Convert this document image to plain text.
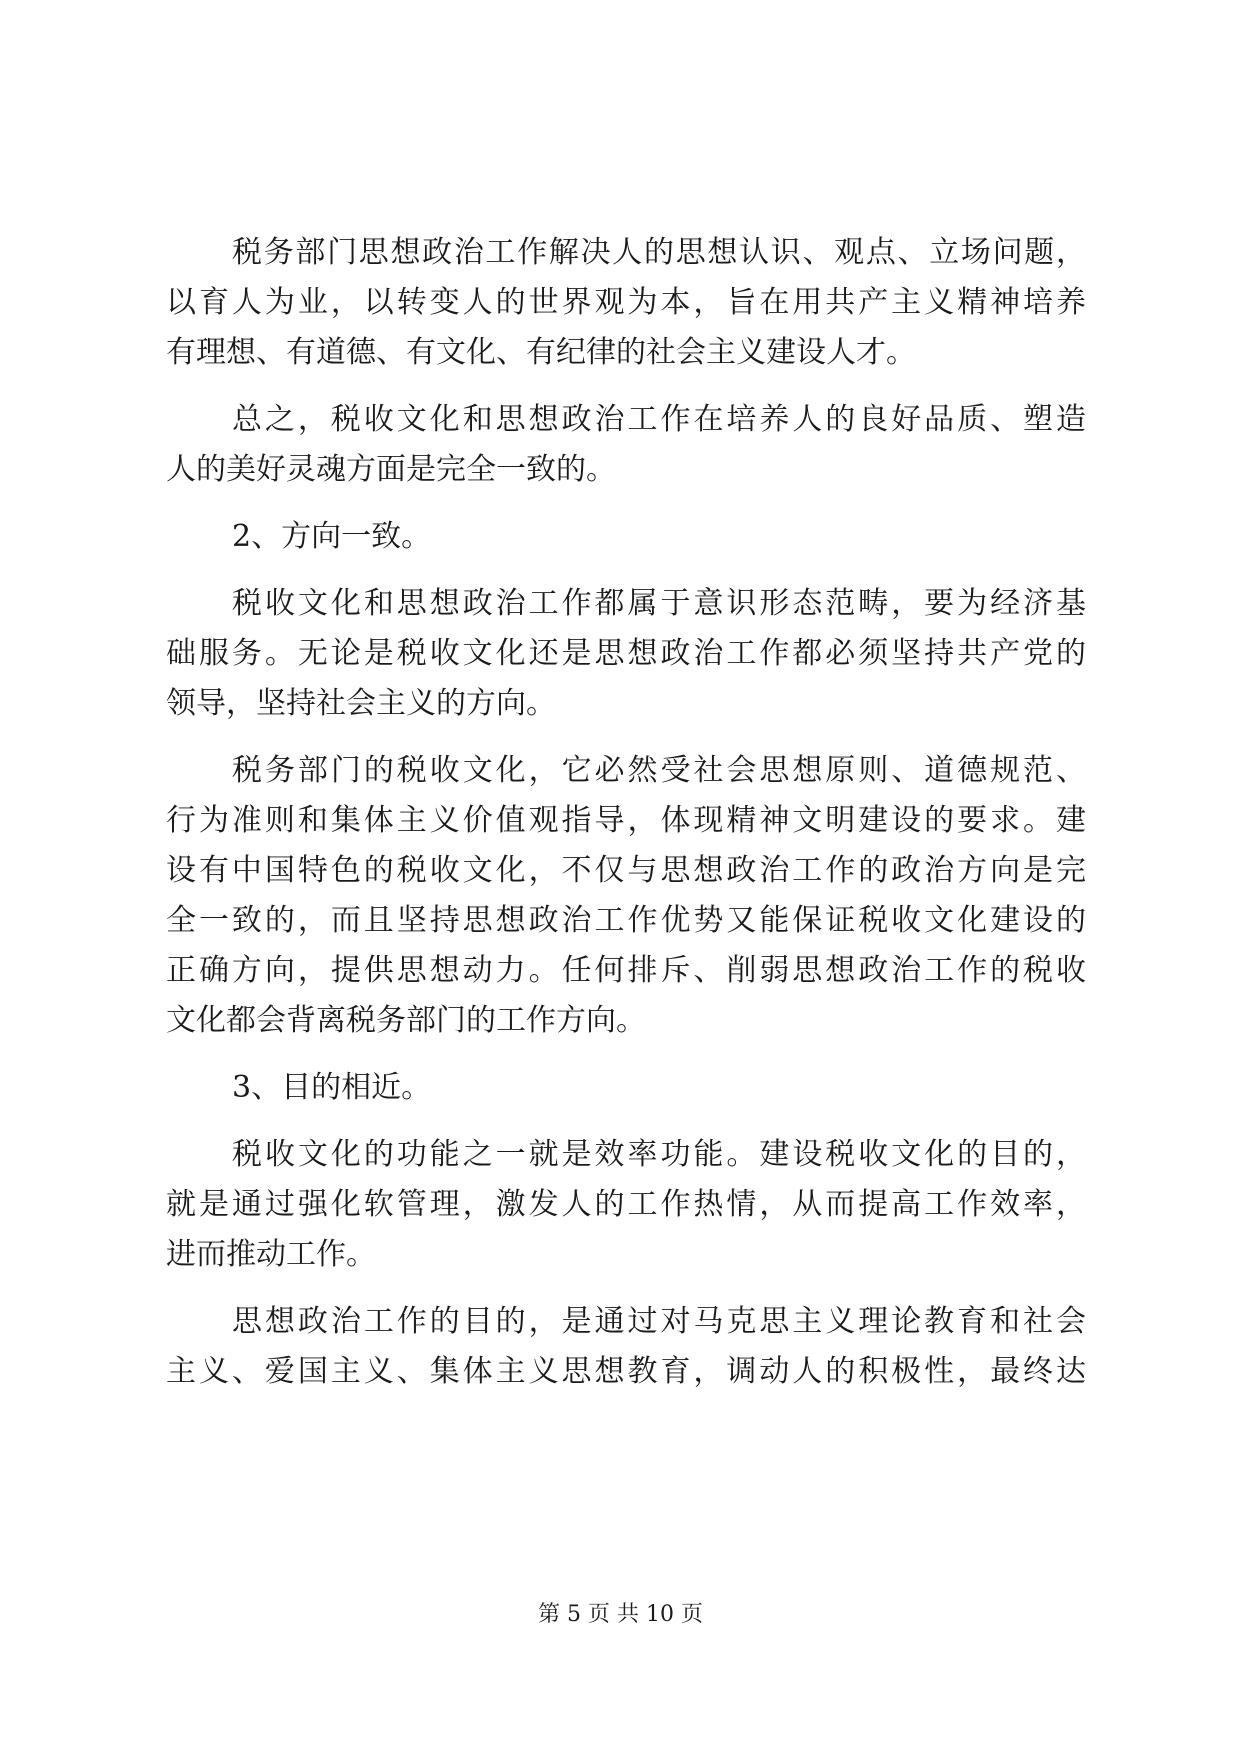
税务部门思想政治工作解决人的思想认识、观点、立场问题，
以育人为业，以转变人的世界观为本，旨在用共产主义精神培养
有理想、有道德、有文化、有纪律的社会主义建设人才。
总之，税收文化和思想政治工作在培养人的良好品质、塑造
人的美好灵魂方面是完全一致的。
2、方向一致。
税收文化和思想政治工作都属于意识形态范畴，要为经济基
础服务。无论是税收文化还是思想政治工作都必须坚持共产党的
领导，坚持社会主义的方向。
税务部门的税收文化，它必然受社会思想原则、道德规范、
行为准则和集体主义价值观指导，体现精神文明建设的要求。建
设有中国特色的税收文化，不仅与思想政治工作的政治方向是完
全一致的，而且坚持思想政治工作优势又能保证税收文化建设的
正确方向，提供思想动力。任何排斥、削弱思想政治工作的税收
文化都会背离税务部门的工作方向。
3、目的相近。
税收文化的功能之一就是效率功能。建设税收文化的目的，
就是通过强化软管理，激发人的工作热情，从而提高工作效率，
进而推动工作。
思想政治工作的目的，是通过对马克思主义理论教育和社会
主义、爱国主义、集体主义思想教育，调动人的积极性，最终达
第 5 页 共 10 页
